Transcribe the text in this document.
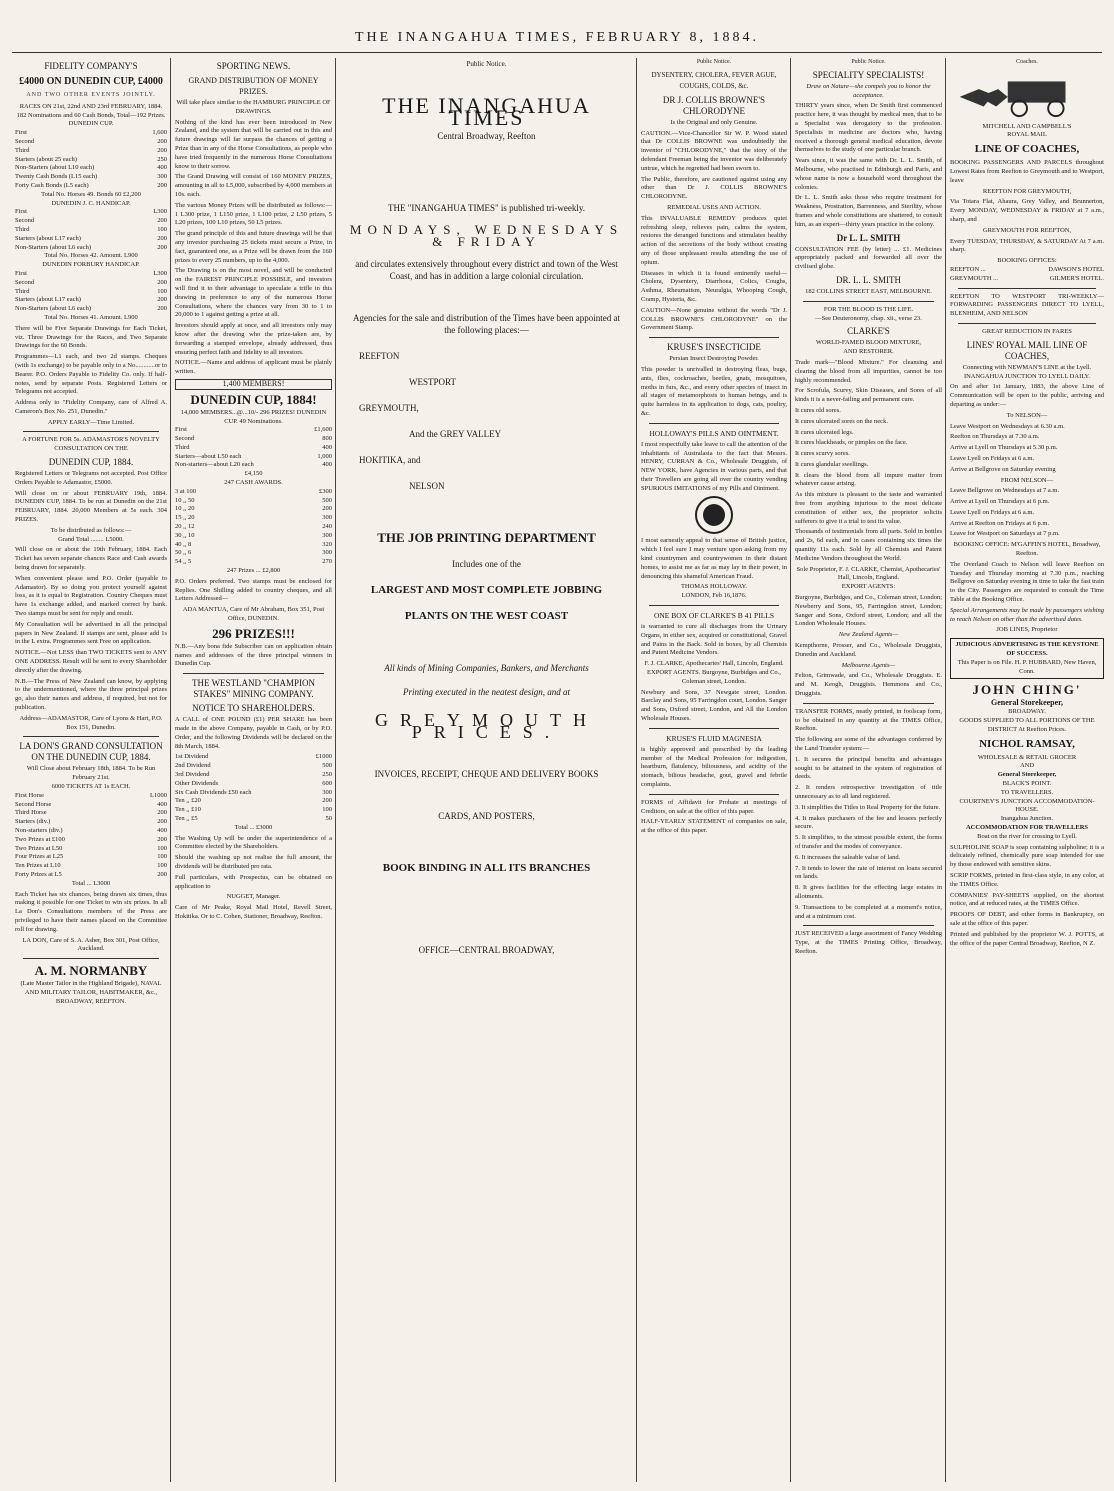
THE INANGAHUA TIMES, FEBRUARY 8, 1884.
FIDELITY COMPANY'S
£4000 ON DUNEDIN CUP, £4000
AND TWO OTHER EVENTS JOINTLY.
RACES ON 21st, 22nd AND 23rd FEBRUARY, 1884.
182 Nominations and 60 Cash Bonds, Total—192 Prizes.
DUNEDIN CUP.
First	1,600
Second	200
Third	200
Starters (about 25 each)	250
Non-Starters (about L10 each)	400
Twenty Cash Bonds (L15 each)	300
Forty Cash Bonds (L5 each)	200
Total No. Horses 49. Bonds 60 £2,200
DUNEDIN J. C. HANDICAP.
First	L300
Second	200
Third	100
Starters (about L17 each)	200
Non-Starters (about L6 each)	200
Total No. Horses 42. Amount. L900
DUNEDIN FORBURY HANDICAP.
First	L300
Second	200
Third	100
Starters (about L17 each)	200
Non-Starters (about L6 each)	200
Total No. Horses 41. Amount. L900
There will be Five Separate Drawings for Each Ticket, viz. Three Drawings for the Races, and Two Separate Drawings for the 60 Bonds.
Programmes—L1 each, and two 2d stamps. Cheques (with 1s exchange) to be payable only to a No............or to Bearer. P.O. Orders Payable to Fidelity Co. only. If half-notes, send by separate Posts. Registered Letters or Telegrams not accepted.
Address only to "Fidelity Company, care of Alfred A. Cameron's Box No. 251, Dunedin."
APPLY EARLY—Time Limited.
A FORTUNE FOR 5s. ADAMASTOR'S NOVELTY CONSULTATION ON THE
DUNEDIN CUP, 1884.
Registered Letters or Telegrams not accepted. Post Office Orders Payable to Adamastor, £5000.
Will close on or about FEBRUARY 19th, 1884. DUNEDIN CUP, 1884. To be run at Dunedin on the 21st FEBRUARY, 1884. 20,000 Members at 5s each. 304 PRIZES.
To be distributed as follows:—
Grand Total ........ L5000.
Will close on or about the 19th February, 1884. Each Ticket has seven separate chances Race and Cash awards being drawn for separately.
When convenient please send P.O. Order (payable to Adamastor). By so doing you protect yourself against loss, as it is equal to Registration. Country Cheques must have 1s exchange added, and marked correct by bank. Two stamps must be sent for reply and result.
My Consultation will be advertised in all the principal papers in New Zealand. If stamps are sent, please add 1s in the L extra. Programmes sent Free on application.
NOTICE.—Not LESS than TWO TICKETS sent to ANY ONE ADDRESS. Result will be sent to every Shareholder directly after the drawing.
N.B.—The Press of New Zealand can know, by applying to the undermentioned, where the three principal prizes go, also their names and address, if required, but not for publication.
Address—ADAMASTOR, Care of Lyons & Hart, P.O. Box 151, Dunedin.
LA DON'S GRAND CONSULTATION ON THE DUNEDIN CUP, 1884.
Will Close about February 18th, 1884. To be Run February 21st.
6000 TICKETS AT 1s EACH.
First Horse	L1000
Second Horse	400
Third Horse	200
Starters (div.)	200
Non-starters (div.)	400
Two Prizes at £100	200
Two Prizes at L50	100
Four Prizes at L25	100
Ten Prizes at L10	100
Forty Prizes at L5	200
Total ... L3000
Each Ticket has six chances, being drawn six times, thus making it possible for one Ticket to win six prizes. In all La Don's Consultations members of the Press are privileged to have their names placed on the Committee roll for drawing.
LA DON, Care of S. A. Asher, Box 301, Post Office, Auckland.
A. M. NORMANBY
(Late Master Tailor in the Highland Brigade), NAVAL AND MILITARY TAILOR, HABITMAKER, &c., BROADWAY, REEFTON.
SPORTING NEWS.
GRAND DISTRIBUTION OF MONEY PRIZES.
Will take place similar to the HAMBURG PRINCIPLE OF DRAWINGS.
Nothing of the kind has ever been introduced in New Zealand, and the system that will be carried out in this and future drawings will far surpass the chances of getting a Prize than in any of the Horse Consultations, as people who have tried frequently in the numerous Horse Consultations know to their sorrow.
The Grand Drawing will consist of 160 MONEY PRIZES, amounting in all to L5,000, subscribed by 4,000 members at 10s. each.
The various Money Prizes will be distributed as follows:—1 L300 prize, 1 L150 prize, 1 L100 prize, 2 L50 prizes, 5 L20 prizes, 100 L10 prizes, 50 L5 prizes.
The grand principle of this and future drawings will be that any investor purchasing 25 tickets must secure a Prize, in fact, guaranteed one, as a Prize will be drawn from the 160 prizes to every 25 numbers, up to the 4,000.
The Drawing is on the most novel, and will be conducted on the FAIREST PRINCIPLE POSSIBLE, and investors will find it to their advantage to speculate a trifle in this drawing in preference to any of the numerous Horse Consultations, where the chances vary from 30 to 1 to 20,000 to 1 against getting a prize at all.
Investors should apply at once, and all investors only may know after the drawing who the prize-taken are, by forwarding a stamped envelope, already addressed, thus ensuring perfect faith and fidelity to all investors.
NOTICE.—Name and address of applicant must be plainly written.
1,400 MEMBERS!
DUNEDIN CUP, 1884!
14,000 MEMBERS...@...10/- 296 PRIZES! DUNEDIN CUP. 49 Nominations.
First	£1,600
Second	800
Third	400
Starters—about L50 each	1,000
Non-starters—about L20 each	400
£4,150
247 CASH AWARDS.
3 at 100	£300
10 ,, 50	500
10 ,, 20	200
15 ,, 20	300
20 ,, 12	240
30 ,, 10	300
40 ,, 8	320
50 ,, 6	300
54 ,, 5	270
247 Prizes ... £2,800
P.O. Orders preferred. Two stamps must be enclosed for Replies. One Shilling added to country cheques, and all Letters Addressed—
ADA MANTUA, Care of Mr Abraham, Box 351, Post Office, DUNEDIN.
296 PRIZES!!!
N.B.—Any bona fide Subscriber can on application obtain names and addresses of the three principal winners in Dunedin Cup.
THE WESTLAND "CHAMPION STAKES" MINING COMPANY.
NOTICE TO SHAREHOLDERS.
A CALL of ONE POUND (£1) PER SHARE has been made in the above Company, payable in Cash, or by P.O. Order, and the following Dividends will be declared on the 8th March, 1884.
1st Dividend	£1000
2nd Dividend	500
3rd Dividend	250
Other Dividends	600
Six Cash Dividends £50 each	300
Ten ,, £20	200
Ten ,, £10	100
Ten ,, £5	50
Total ... £3000
The Washing Up will be under the superintendence of a Committee elected by the Shareholders.
Should the washing up not realise the full amount, the dividends will be distributed pro rata.
Full particulars, with Prospectus, can be obtained on application to
NUGGET, Manager.
Care of Mr Peake, Royal Mail Hotel, Revell Street, Hokitika. Or to C. Cohen, Stationer, Broadway, Reefton.
Public Notice.
THE INANGAHUA TIMES
Central Broadway, Reefton
THE "INANGAHUA TIMES" is published tri-weekly.
MONDAYS, WEDNESDAYS & FRIDAY
and circulates extensively throughout every district and town of the West Coast, and has in addition a large colonial circulation.
Agencies for the sale and distribution of the Times have been appointed at the following places:—
REEFTON
WESTPORT
GREYMOUTH,
And the GREY VALLEY
HOKITIKA, and
NELSON
THE JOB PRINTING DEPARTMENT
Includes one of the
LARGEST AND MOST COMPLETE JOBBING
PLANTS ON THE WEST COAST
All kinds of Mining Companies, Bankers, and Merchants
Printing executed in the neatest design, and at
GREYMOUTH PRICES.
INVOICES, RECEIPT, CHEQUE AND DELIVERY BOOKS
CARDS, AND POSTERS,
BOOK BINDING IN ALL ITS BRANCHES
OFFICE—CENTRAL BROADWAY,
Public Notice.
DYSENTERY, CHOLERA, FEVER AGUE, COUGHS, COLDS, &c.
DR J. COLLIS BROWNE'S CHLORODYNE
Is the Original and only Genuine.
CAUTION.—Vice-Chancellor Sir W. P. Wood stated that Dr COLLIS BROWNE was undoubtedly the inventor of "CHLORODYNE," that the story of the defendant Freeman being the inventor was deliberately untrue, which he regretted had been sworn to.
The Public, therefore, are cautioned against using any other than Dr J. COLLIS BROWNE'S CHLORODYNE.
REMEDIAL USES AND ACTION.
This INVALUABLE REMEDY produces quiet refreshing sleep, relieves pain, calms the system, restores the deranged functions and stimulates healthy action of the secretions of the body without creating any of those unpleasant results attending the use of opium.
Diseases in which it is found eminently useful—Cholera, Dysentery, Diarrhoea, Colics, Coughs, Asthma, Rheumatism, Neuralgia, Whooping Cough, Cramp, Hysteria, &c.
CAUTION—None genuine without the words "Dr J. COLLIS BROWNE'S CHLORODYNE" on the Government Stamp.
KRUSE'S INSECTICIDE
Persian Insect Destroying Powder.
This powder is unrivalled in destroying fleas, bugs, ants, flies, cockroaches, beetles, gnats, mosquitoes, moths in furs, &c., and every other species of insect in all stages of metamorphosis to human beings, and is quite harmless in its application to dogs, cats, poultry, &c.
HOLLOWAY'S PILLS AND OINTMENT.
I most respectfully take leave to call the attention of the inhabitants of Australasia to the fact that Messrs. HENRY, CURRAN & Co., Wholesale Druggists, of NEW YORK, have Agencies in various parts, and that their Travellers are going all over the country vending SPURIOUS IMITATIONS of my Pills and Ointment.
I most earnestly appeal to that sense of British justice, which I feel sure I may venture upon asking from my kind countrymen and countrywomen in their distant homes, to assist me as far as may lay in their power, in denouncing this shameful American Fraud.
THOMAS HOLLOWAY.
LONDON, Feb 16,1876.
ONE BOX OF CLARKE'S B 41 PILLS
is warranted to cure all discharges from the Urinary Organs, in either sex, acquired or constitutional, Gravel and Pains in the Back. Sold in boxes, by all Chemists and Patent Medicine Vendors.
F. J. CLARKE, Apothecaries' Hall, Lincoln, England.
EXPORT AGENTS. Burgoyne, Burbidges and Co., Coleman street, London.
Newbury and Sons, 37 Newgate street, London. Barclay and Sons, 95 Farringdon court, London. Sanger and Sons, Oxford street, London, and All the London Wholesale Houses.
KRUSE'S FLUID MAGNESIA
is highly approved and prescribed by the leading member of the Medical Profession for indigestion, heartburn, flatulency, biliousness, and acidity of the stomach, bilious headache, gout, gravel and febrile complaints.
FORMS of Affidavit for Probate at meetings of Creditors, on sale at the office of this paper.
HALF-YEARLY STATEMENT of companies on sale, at the office of this paper.
Public Notice.
SPECIALITY SPECIALISTS!
Draw on Nature—she compels you to honor the acceptance.
THIRTY years since, when Dr Smith first commenced practice here, it was thought by medical men, that to be a Specialist was derogatory to the profession. Specialists in medicine are doctors who, having received a thorough general medical education, devote themselves to the study of one particular branch.
Years since, it was the same with Dr. L. L. Smith, of Melbourne, who practised in Edinburgh and Paris, and whose name is now a household word throughout the colonies.
Dr L. L. Smith asks those who require treatment for Weakness, Prostration, Barrenness, and Sterility, whose frames and whole constitutions are shattered, to consult him, as an expert—thirty years practice in the colony.
Dr L. L. SMITH
CONSULTATION FEE (by letter) ... £1. Medicines appropriately packed and forwarded all over the civilised globe.
DR. L. L. SMITH
182 COLLINS STREET EAST, MELBOURNE.
FOR THE BLOOD IS THE LIFE.
—See Deuteronomy, chap. xii., verse 23.
CLARKE'S
WORLD-FAMED BLOOD MIXTURE,
AND RESTORER.
Trade mark—"Blood Mixture." For cleansing and clearing the blood from all impurities, cannot be too highly recommended.
For Scrofula, Scurvy, Skin Diseases, and Sores of all kinds it is a never-failing and permanent cure.
It cures old sores.
It cures ulcerated sores on the neck.
It cures ulcerated legs.
It cures blackheads, or pimples on the face.
It cures scurvy sores.
It cures glandular swellings.
It clears the blood from all impure matter from whatever cause arising.
As this mixture is pleasant to the taste and warranted free from anything injurious to the most delicate constitution of either sex, the proprietor solicits sufferers to give it a trial to test its value.
Thousands of testimonials from all parts. Sold in bottles and 2s, 6d each, and in cases containing six times the quantity 11s each. Sold by all Chemists and Patent Medicine Vendors throughout the World.
Sole Proprietor, F. J. CLARKE, Chemist, Apothecaries' Hall, Lincoln, England.
EXPORT AGENTS:
Burgoyne, Burbidges, and Co., Coleman street, London; Newberry and Sons, 95, Farringdon street, London; Sanger and Sons, Oxford street, London; and all the London Wholesale Houses.
New Zealand Agents—
Kempthorne, Prosser, and Co., Wholesale Druggists, Dunedin and Auckland.
Melbourne Agents—
Felton, Grimwade, and Co., Wholesale Druggists. E. and M. Keogh, Druggists. Hemmons and Co., Druggists.
TRANSFER FORMS, neatly printed, in foolscap form, to be obtained in any quantity at the TIMES Office, Reefton.
The following are some of the advantages conferred by the Land Transfer system:—
1. It secures the principal benefits and advantages sought to be attained in the system of registration of deeds.
2. It renders retrospective investigation of title unnecessary as to all land registered.
3. It simplifies the Titles to Real Property for the future.
4. It makes purchasers of the fee and lessees perfectly secure.
5. It simplifies, to the utmost possible extent, the forms of transfer and the modes of conveyance.
6. It increases the saleable value of land.
7. It tends to lower the rate of interest on loans secured on lands.
8. It gives facilities for the effecting large estates in allotments.
9. Transactions to be completed at a moment's notice, and at a minimum cost.
JUST RECEIVED a large assortment of Fancy Wedding Type, at the TIMES Printing Office, Broadway, Reefton.
Coaches.
MITCHELL AND CAMPBELL'S
ROYAL MAIL
LINE OF COACHES,
BOOKING PASSENGERS AND PARCELS throughout Lowest Rates from Reefton to Greymouth and to Westport, leave
REEFTON FOR GREYMOUTH,
Via Totara Flat, Ahaura, Grey Valley, and Brunnerton, Every MONDAY, WEDNESDAY & FRIDAY at 7 a.m., sharp, and
GREYMOUTH FOR REEFTON,
Every TUESDAY, THURSDAY, & SATURDAY At 7 a.m. sharp.
BOOKING OFFICES:
REEFTON ...	DAWSON'S HOTEL
GREYMOUTH ...	GILMER'S HOTEL.
REEFTON TO WESTPORT TRI-WEEKLY—FORWARDING PASSENGERS DIRECT TO LYELL, BLENHEIM, AND NELSON
GREAT REDUCTION IN FARES
LINES' ROYAL MAIL LINE OF COACHES,
Connecting with NEWMAN'S LINE at the Lyell.
INANGAHUA JUNCTION TO LYELL DAILY.
On and after 1st January, 1883, the above Line of Communication will be open to the public, arriving and departing as under:—
To NELSON—
Leave Westport on Wednesdays at 6.30 a.m.
Reefton on Thursdays at 7.30 a.m.
Arrive at Lyell on Thursdays at 5.30 p.m.
Leave Lyell on Fridays at 6 a.m.
Arrive at Bellgrove on Saturday evening
FROM NELSON—
Leave Bellgrove on Wednesdays at 7 a.m.
Arrive at Lyell on Thursdays at 6 p.m.
Leave Lyell on Fridays at 6 a.m.
Arrive at Reefton on Fridays at 6 p.m.
Leave for Westport on Saturdays at 7 p.m.
BOOKING OFFICE: M'GAFFIN'S HOTEL, Broadway, Reefton.
The Overland Coach to Nelson will leave Reefton on Tuesday and Thursday morning at 7.30 p.m., reaching Bellgrove on Saturday evening in time to take the fast train to the City. Passengers are requested to consult the Time Table at the Booking Office.
Special Arrangements may be made by passengers wishing to reach Nelson on other than the advertised dates.
JOB LINES, Proprietor
JUDICIOUS ADVERTISING IS THE KEYSTONE OF SUCCESS.
This Paper is on File. H. P. HUBBARD, New Haven, Conn.
JOHN CHING'
General Storekeeper,
BROADWAY.
GOODS SUPPLIED TO ALL PORTIONS OF THE DISTRICT At Reefton Prices.
NICHOL RAMSAY,
WHOLESALE & RETAIL GROCER
AND
General Storekeeper,
BLACK'S POINT.
TO TRAVELLERS.
COURTNEY'S JUNCTION ACCOMMODATION-HOUSE.
Inangahua Junction.
ACCOMMODATION FOR TRAVELLERS
Boat on the river for crossing to Lyell.
SULPHOLINE SOAP is soap containing sulpholine; it is a delicately refined, chemically pure soap intended for use by those endowed with sensitive skins.
SCRIP FORMS, printed in first-class style, in any color, at the TIMES Office.
COMPANIES' PAY-SHEETS supplied, on the shortest notice, and at reduced rates, at the TIMES Office.
PROOFS OF DEBT, and other forms in Bankruptcy, on sale at the office of this paper.
Printed and published by the proprietor W. J. POTTS, at the office of the paper Central Broadway, Reefton, N Z.
